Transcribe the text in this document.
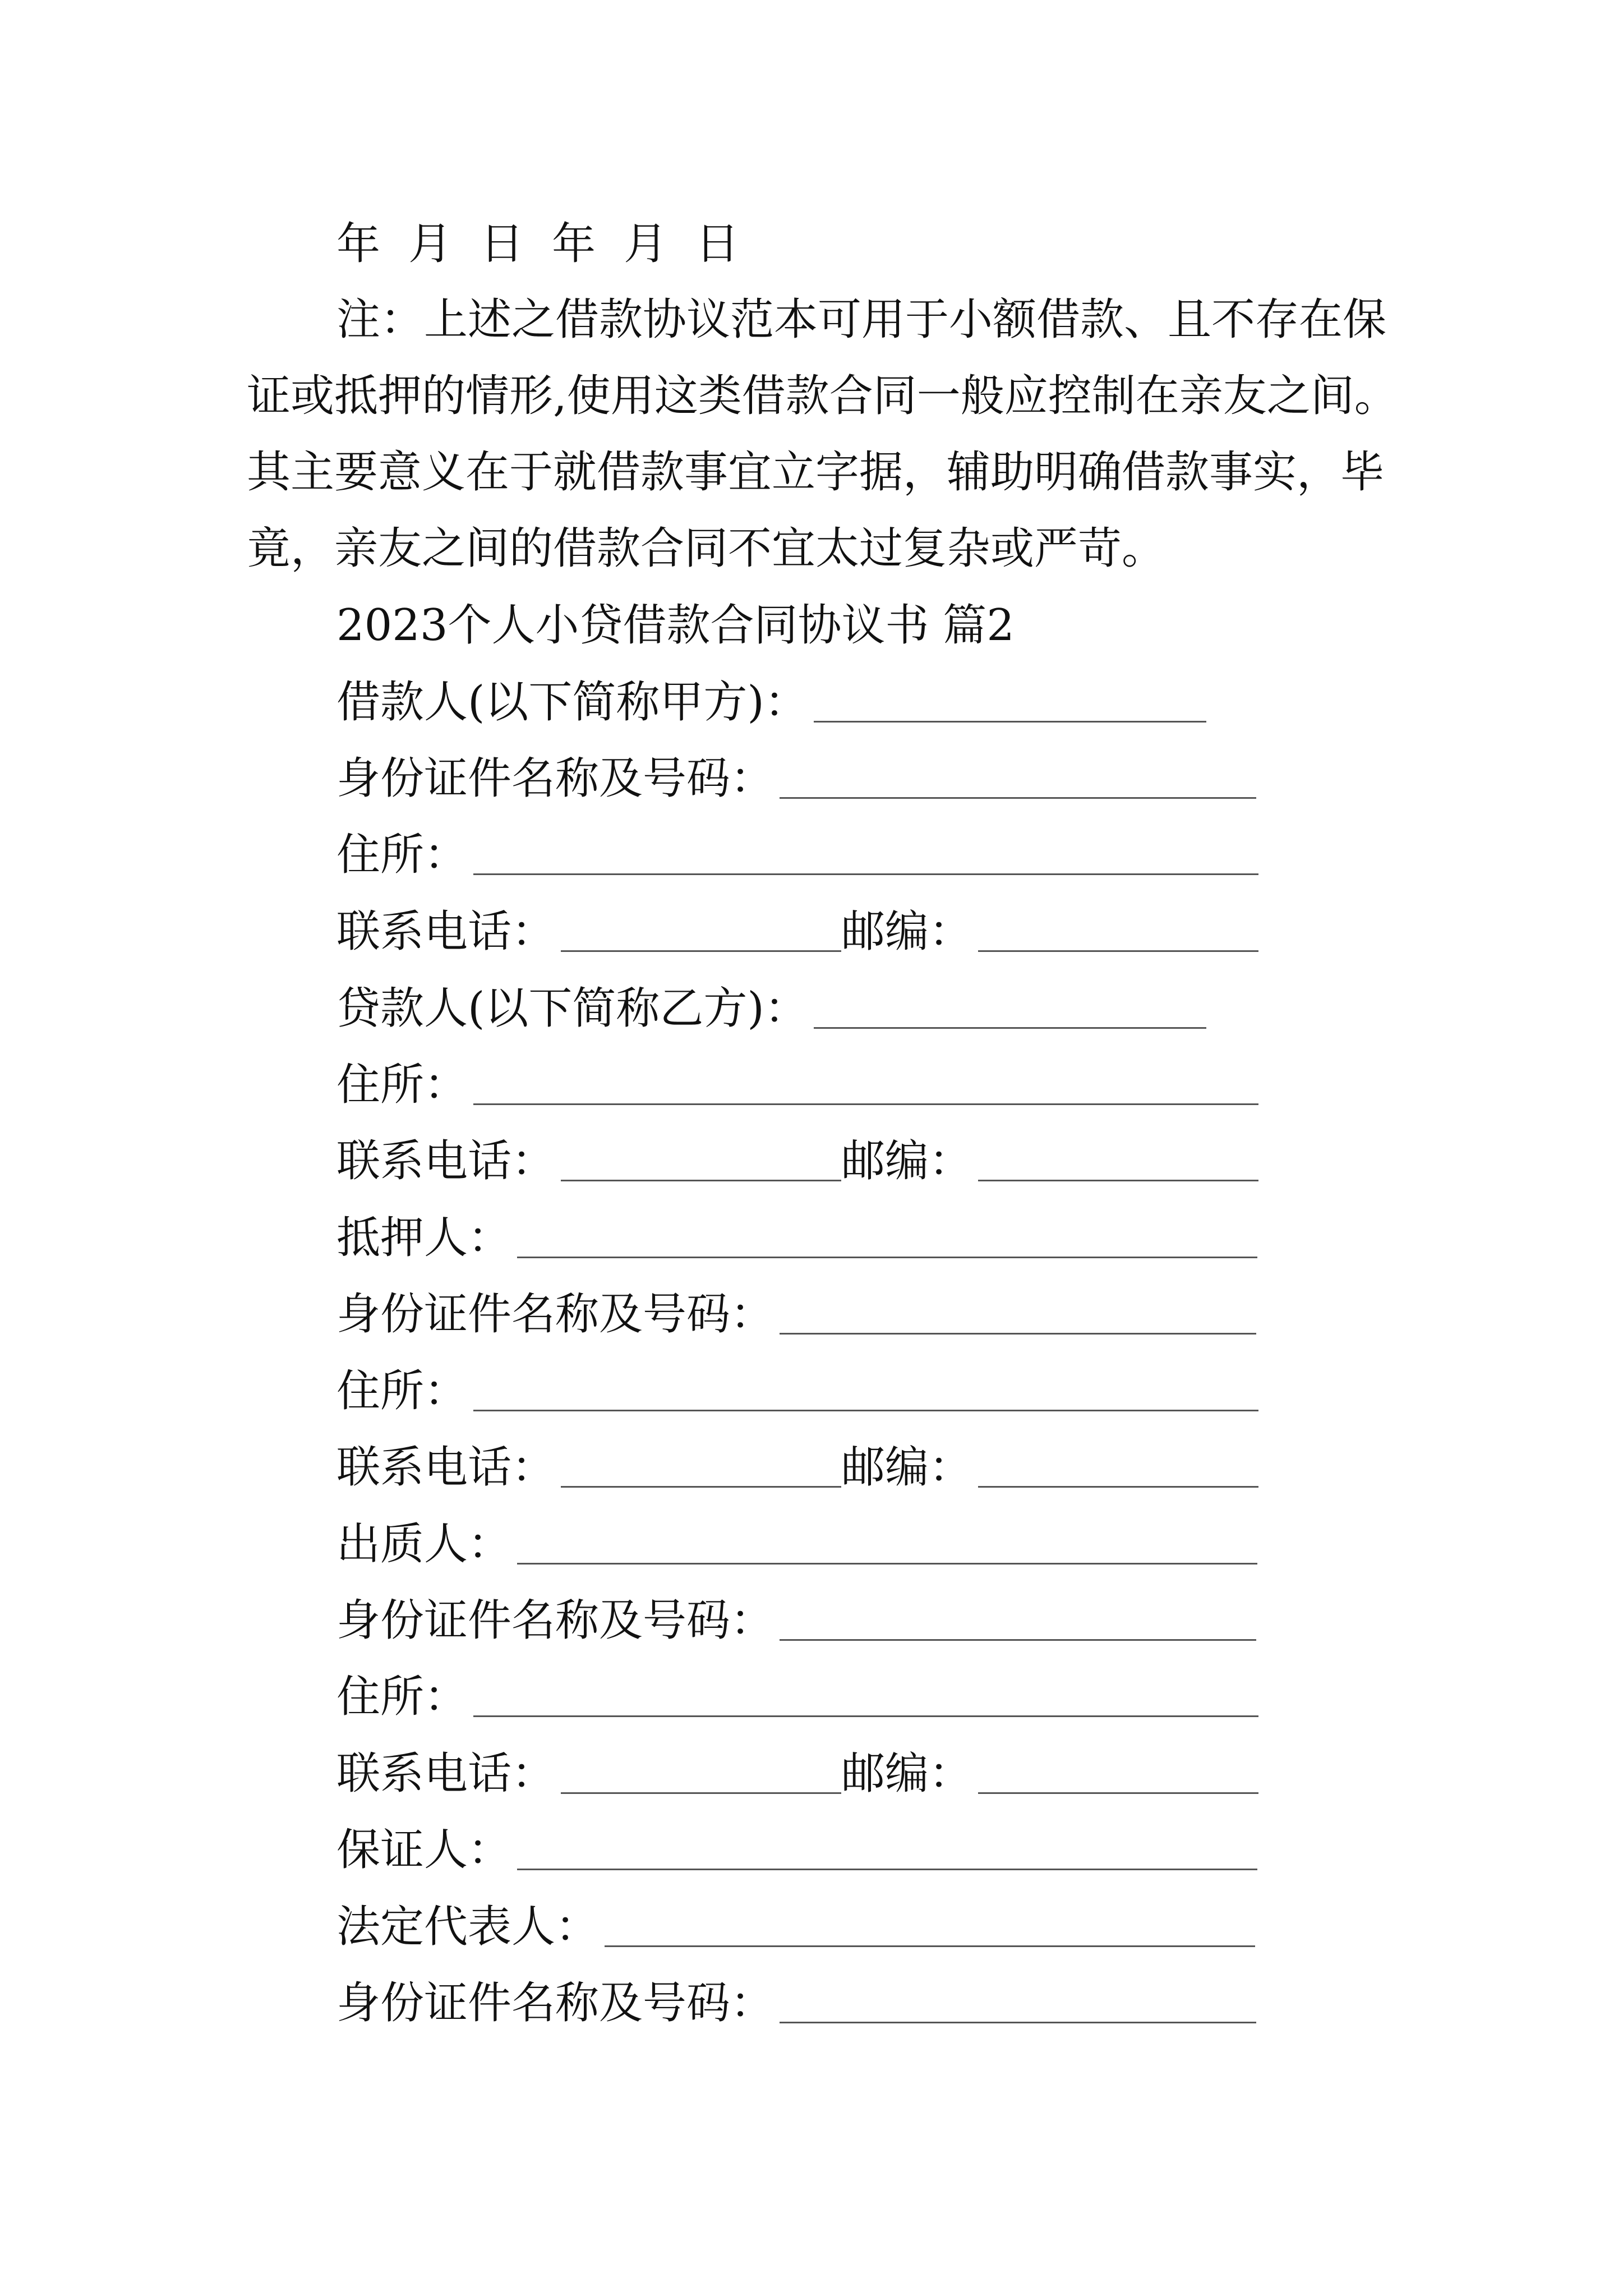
年 月 日 年 月 日
注：上述之借款协议范本可用于小额借款、且不存在保
证或抵押的情形,使用这类借款合同一般应控制在亲友之间。
其主要意义在于就借款事宜立字据，辅助明确借款事实，毕
竟，亲友之间的借款合同不宜太过复杂或严苛。
2023个人小贷借款合同协议书 篇2
借款人(以下简称甲方)：
身份证件名称及号码：
住所：
联系电话：	邮编：
贷款人(以下简称乙方)：
住所：
联系电话：	邮编：
抵押人：
身份证件名称及号码：
住所：
联系电话：	邮编：
出质人：
身份证件名称及号码：
住所：
联系电话：	邮编：
保证人：
法定代表人：
身份证件名称及号码：
